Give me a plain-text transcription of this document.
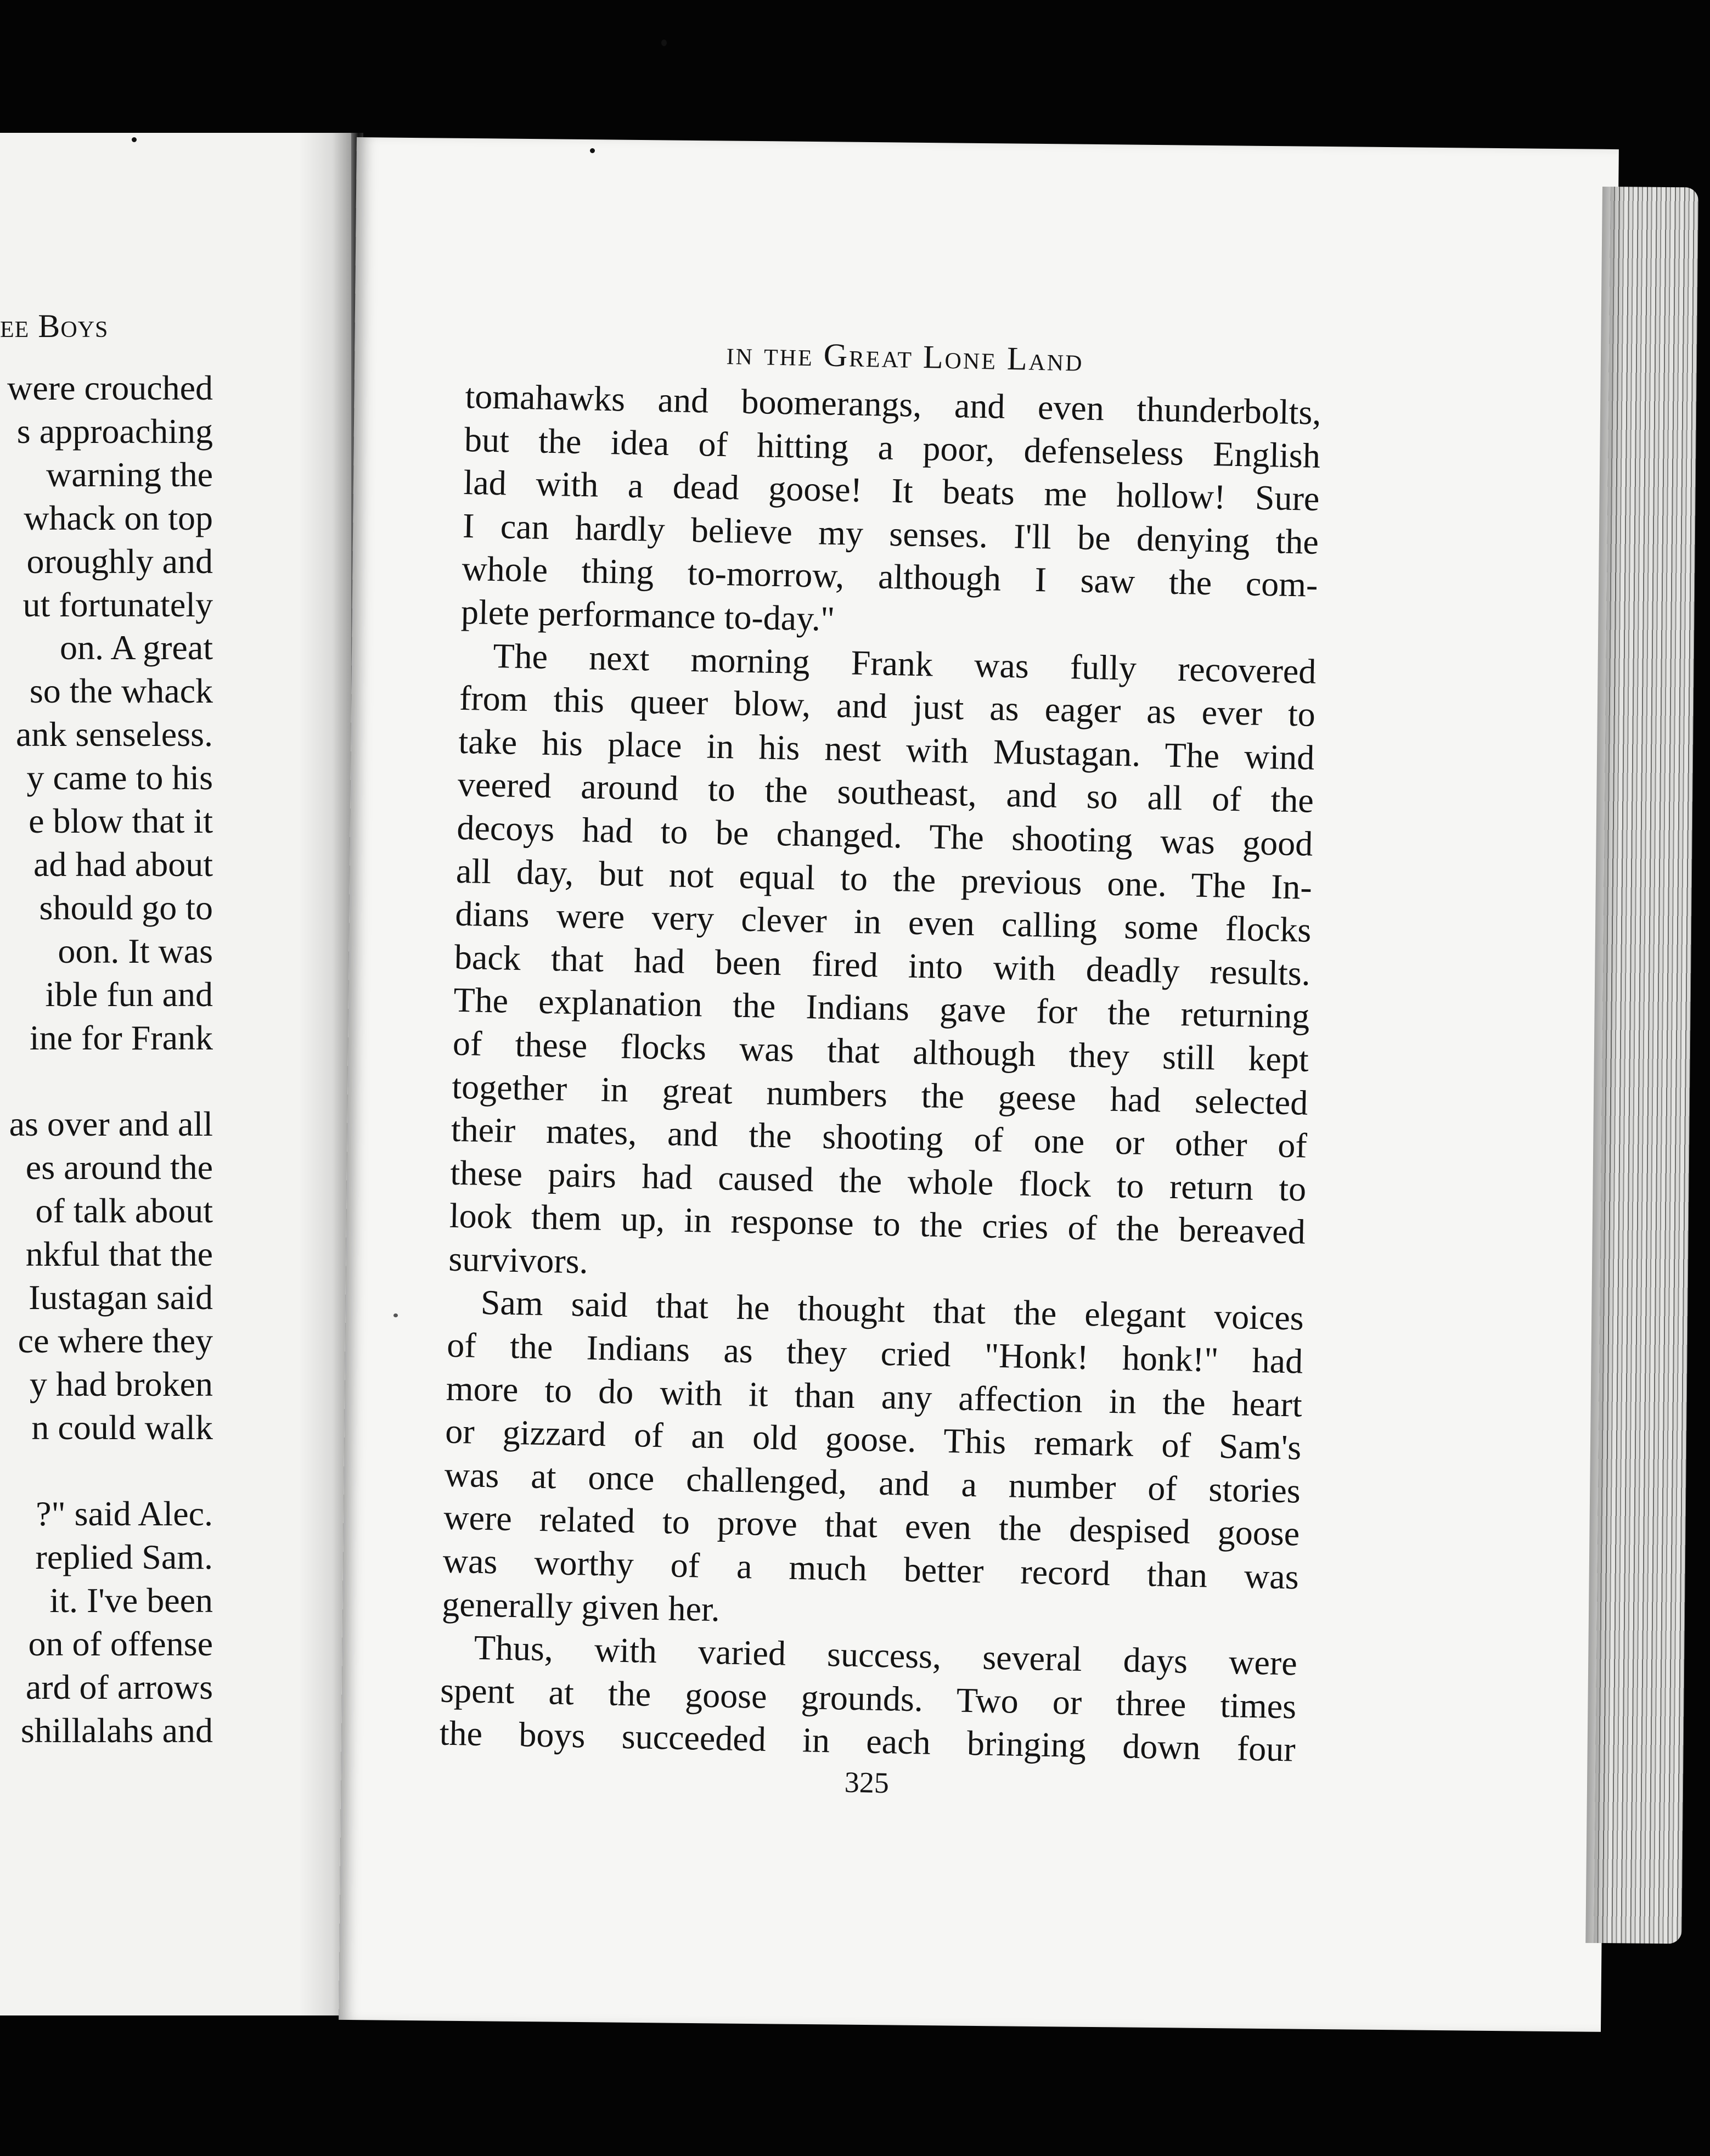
ee Boys
were crouched
s approaching
warning the
whack on top
oroughly and
ut fortunately
on. A great
so the whack
ank senseless.
y came to his
e blow that it
ad had about
should go to
oon. It was
ible fun and
ine for Frank
as over and all
es around the
of talk about
nkful that the
Iustagan said
ce where they
y had broken
n could walk
?" said Alec.
replied Sam.
it. I've been
on of offense
ard of arrows
shillalahs and
in the Great Lone Land
tomahawks and boomerangs, and even thunderbolts,
but the idea of hitting a poor, defenseless English
lad with a dead goose! It beats me hollow! Sure
I can hardly believe my senses. I'll be denying the
whole thing to-morrow, although I saw the com-
plete performance to-day."
The next morning Frank was fully recovered
from this queer blow, and just as eager as ever to
take his place in his nest with Mustagan. The wind
veered around to the southeast, and so all of the
decoys had to be changed. The shooting was good
all day, but not equal to the previous one. The In-
dians were very clever in even calling some flocks
back that had been fired into with deadly results.
The explanation the Indians gave for the returning
of these flocks was that although they still kept
together in great numbers the geese had selected
their mates, and the shooting of one or other of
these pairs had caused the whole flock to return to
look them up, in response to the cries of the bereaved
survivors.
Sam said that he thought that the elegant voices
of the Indians as they cried "Honk! honk!" had
more to do with it than any affection in the heart
or gizzard of an old goose. This remark of Sam's
was at once challenged, and a number of stories
were related to prove that even the despised goose
was worthy of a much better record than was
generally given her.
Thus, with varied success, several days were
spent at the goose grounds. Two or three times
the boys succeeded in each bringing down four
325
